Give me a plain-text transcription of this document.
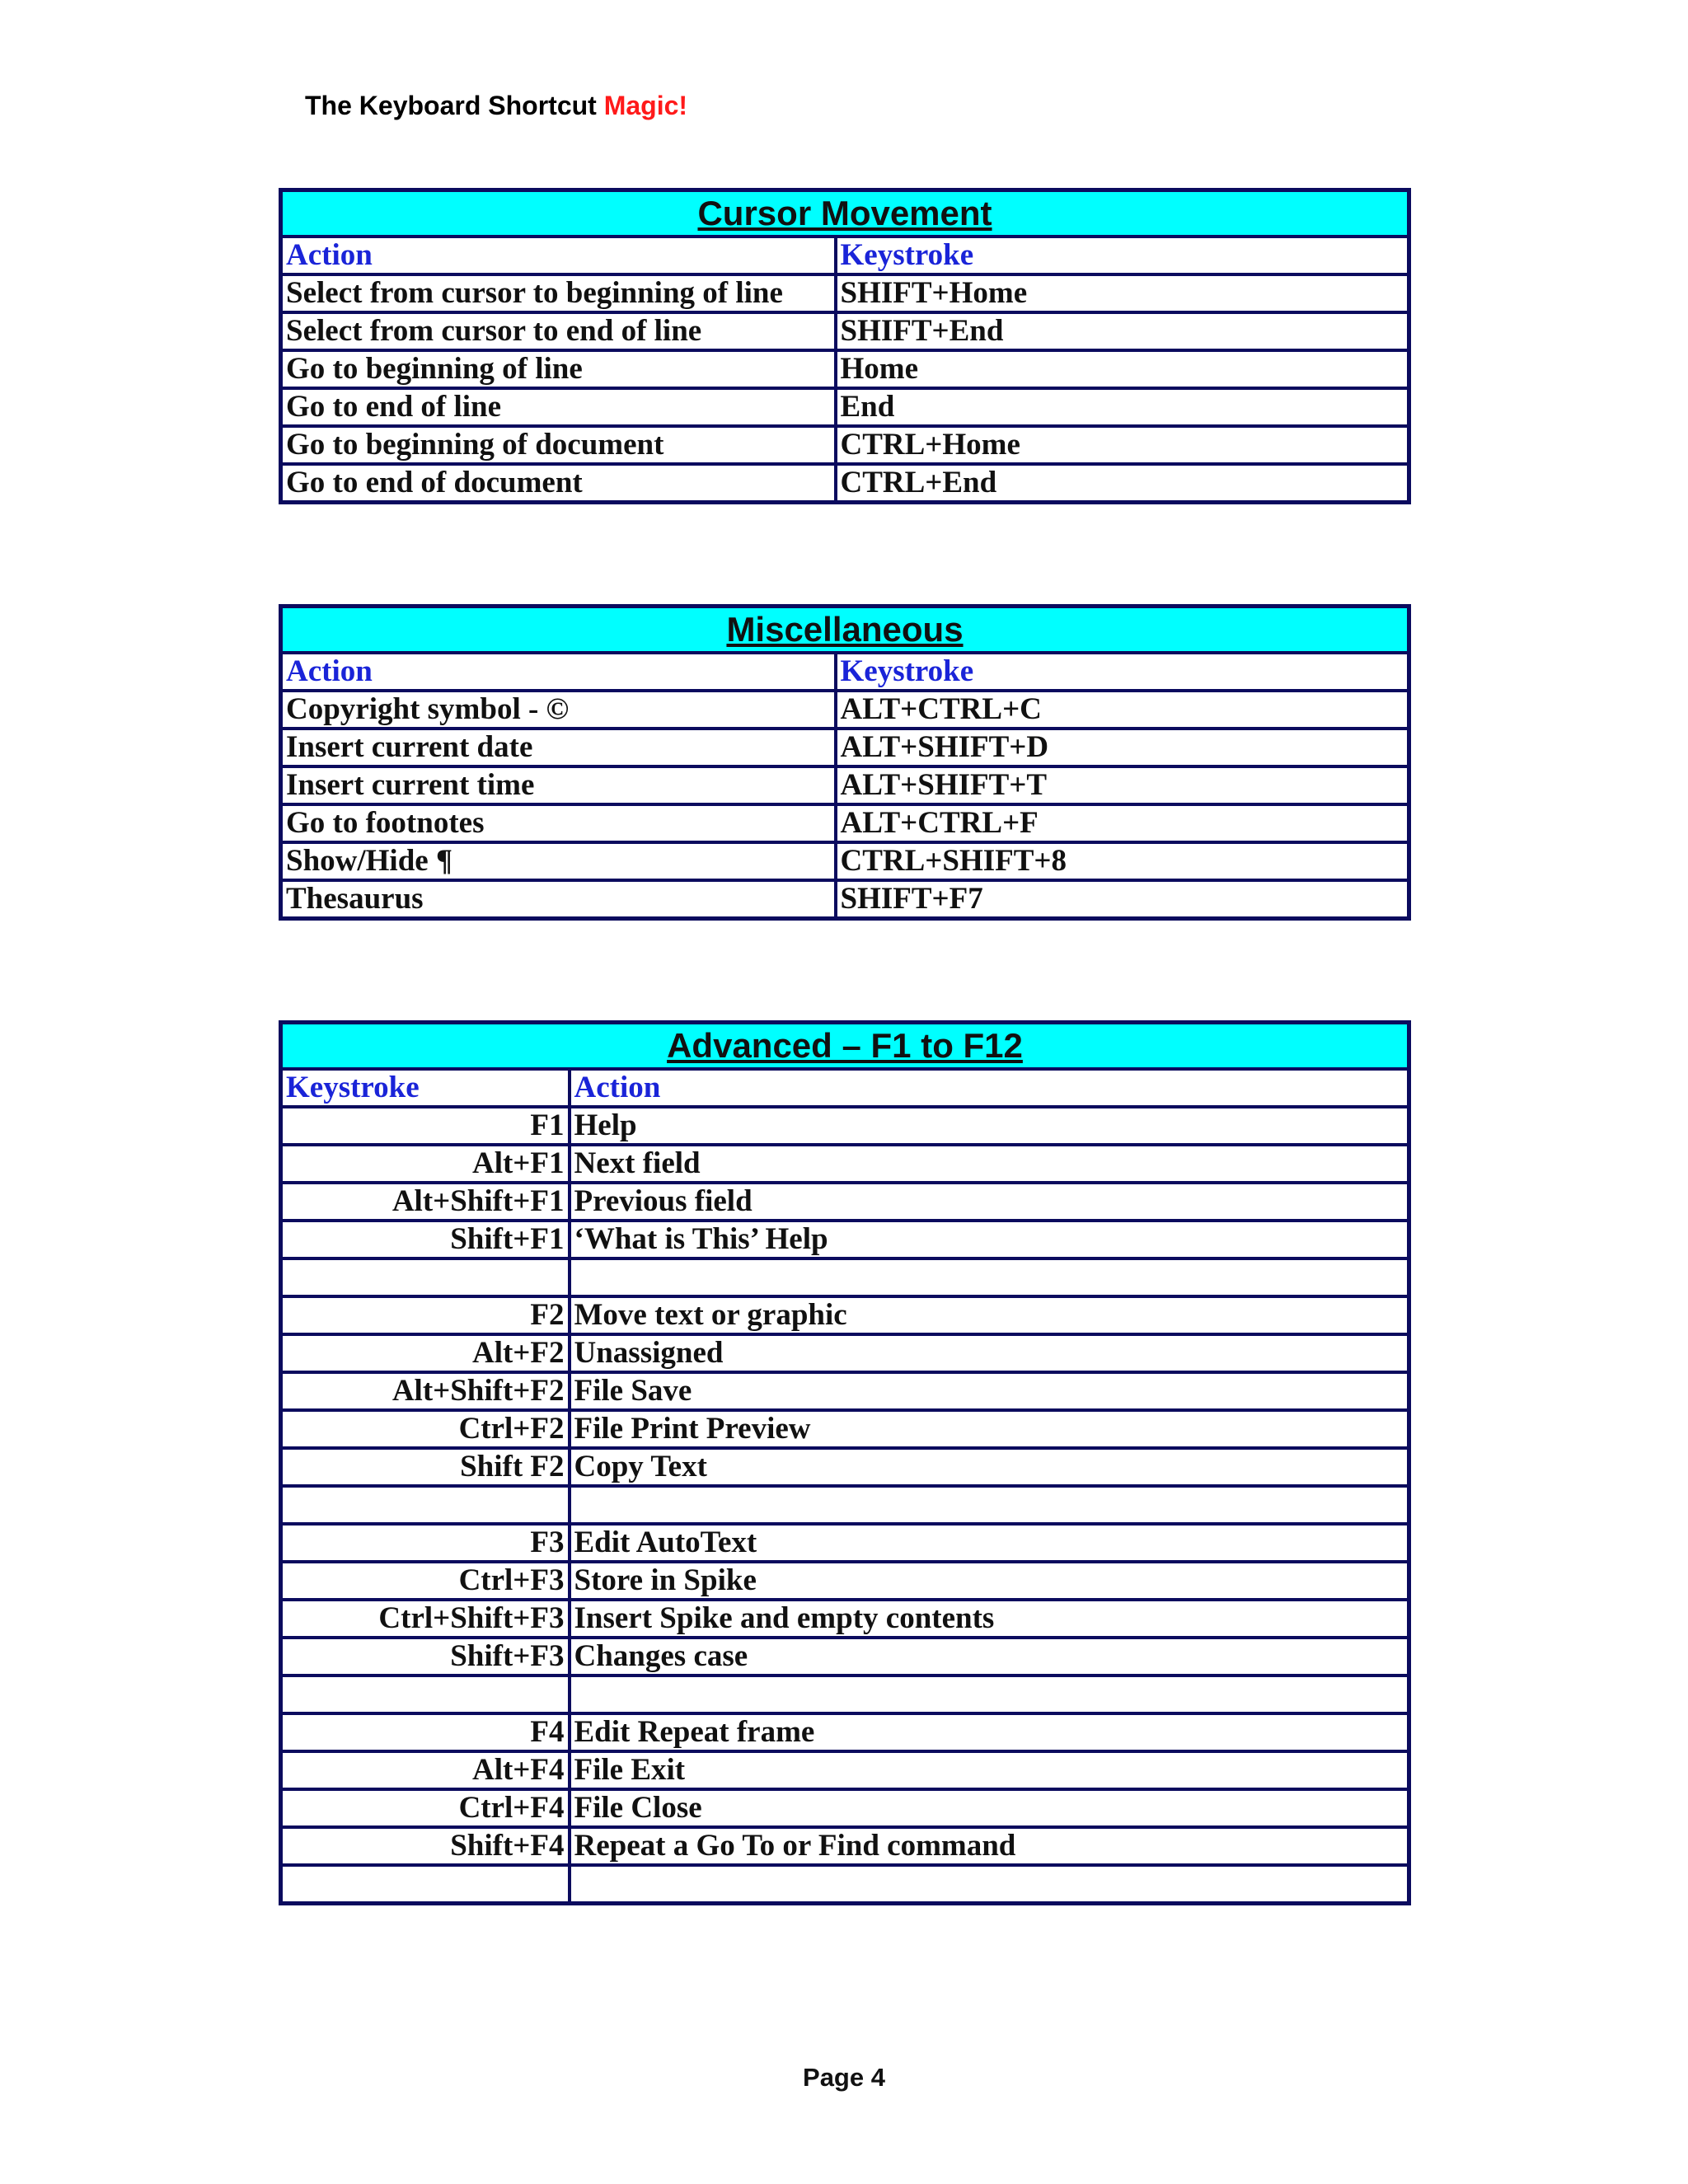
The Keyboard Shortcut Magic!
Cursor Movement	
Action	Keystroke
Select from cursor to beginning of line	SHIFT+Home
Select from cursor to end of line	SHIFT+End
Go to beginning of line	Home
Go to end of line	End
Go to beginning of document	CTRL+Home
Go to end of document	CTRL+End
Miscellaneous	
Action	Keystroke
Copyright symbol - ©	ALT+CTRL+C
Insert current date	ALT+SHIFT+D
Insert current time	ALT+SHIFT+T
Go to footnotes	ALT+CTRL+F
Show/Hide ¶	CTRL+SHIFT+8
Thesaurus	SHIFT+F7
Advanced – F1 to F12	
Keystroke	Action
F1	Help
Alt+F1	Next field
Alt+Shift+F1	Previous field
Shift+F1	‘What is This’ Help

F2	Move text or graphic
Alt+F2	Unassigned
Alt+Shift+F2	File Save
Ctrl+F2	File Print Preview
Shift F2	Copy Text

F3	Edit AutoText
Ctrl+F3	Store in Spike
Ctrl+Shift+F3	Insert Spike and empty contents
Shift+F3	Changes case

F4	Edit Repeat frame
Alt+F4	File Exit
Ctrl+F4	File Close
Shift+F4	Repeat a Go To or Find command

Page 4
